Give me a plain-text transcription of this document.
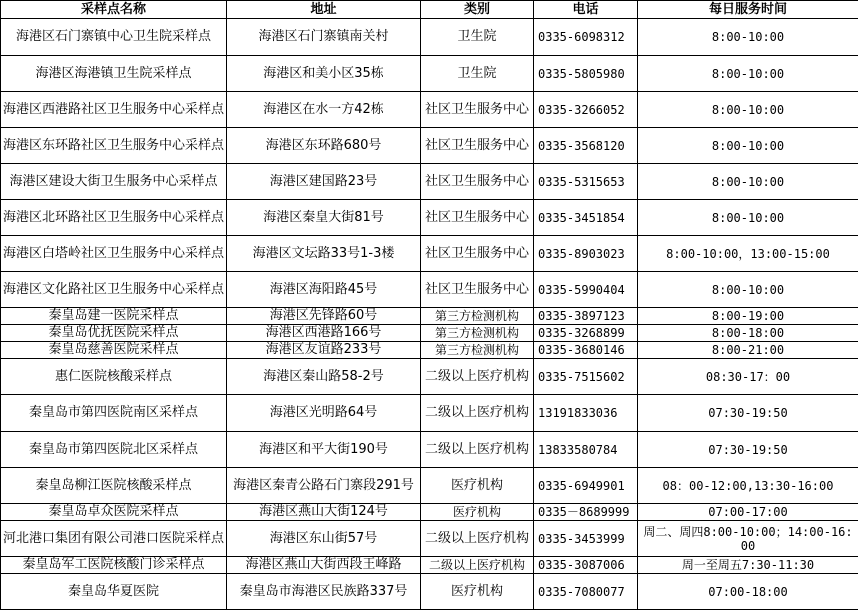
采样点名称	地址	类别	电话	每日服务时间
海港区石门寨镇中心卫生院采样点	海港区石门寨镇南关村	卫生院	0335-6098312	8:00-10:00
海港区海港镇卫生院采样点	海港区和美小区35栋	卫生院	0335-5805980	8:00-10:00
海港区西港路社区卫生服务中心采样点	海港区在水一方42栋	社区卫生服务中心	0335-3266052	8:00-10:00
海港区东环路社区卫生服务中心采样点	海港区东环路680号	社区卫生服务中心	0335-3568120	8:00-10:00
海港区建设大街卫生服务中心采样点	海港区建国路23号	社区卫生服务中心	0335-5315653	8:00-10:00
海港区北环路社区卫生服务中心采样点	海港区秦皇大街81号	社区卫生服务中心	0335-3451854	8:00-10:00
海港区白塔岭社区卫生服务中心采样点	海港区文坛路33号1-3楼	社区卫生服务中心	0335-8903023	8:00-10:00，13:00-15:00
海港区文化路社区卫生服务中心采样点	海港区海阳路45号	社区卫生服务中心	0335-5990404	8:00-10:00
秦皇岛建一医院采样点	海港区先锋路60号	第三方检测机构	0335-3897123	8:00-19:00
秦皇岛优抚医院采样点	海港区西港路166号	第三方检测机构	0335-3268899	8:00-18:00
秦皇岛慈善医院采样点	海港区友谊路233号	第三方检测机构	0335-3680146	8:00-21:00
惠仁医院核酸采样点	海港区秦山路58-2号	二级以上医疗机构	0335-7515602	08:30-17：00
秦皇岛市第四医院南区采样点	海港区光明路64号	二级以上医疗机构	13191833036	07:30-19:50
秦皇岛市第四医院北区采样点	海港区和平大街190号	二级以上医疗机构	13833580784	07:30-19:50
秦皇岛柳江医院核酸采样点	海港区秦青公路石门寨段291号	医疗机构	0335-6949901	08：00-12:00,13:30-16:00
秦皇岛卓众医院采样点	海港区燕山大街124号	医疗机构	0335－8689999	07:00-17:00
河北港口集团有限公司港口医院采样点	海港区东山街57号	二级以上医疗机构	0335-3453999	周二、周四8:00-10:00；14:00-16:00
秦皇岛军工医院核酸门诊采样点	海港区燕山大街西段王峰路	二级以上医疗机构	0335-3087006	周一至周五7:30-11:30
秦皇岛华夏医院	秦皇岛市海港区民族路337号	医疗机构	0335-7080077	07:00-18:00
